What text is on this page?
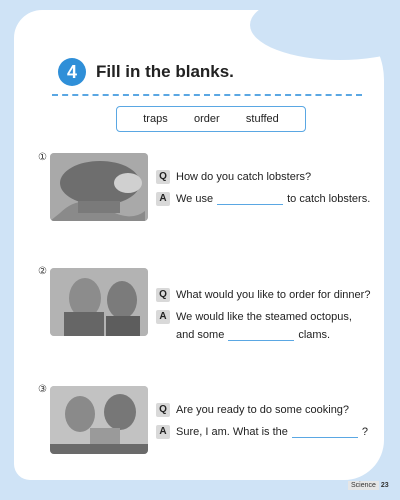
4	Fill in the blanks.
traps order stuffed
①
Q How do you catch lobsters?
A We use	to catch lobsters.
②
Q What would you like to order for dinner?
A We would like the steamed octopus,
and some	clams.
③
Q Are you ready to do some cooking?
A Sure, I am. What is the	?
Science 23
